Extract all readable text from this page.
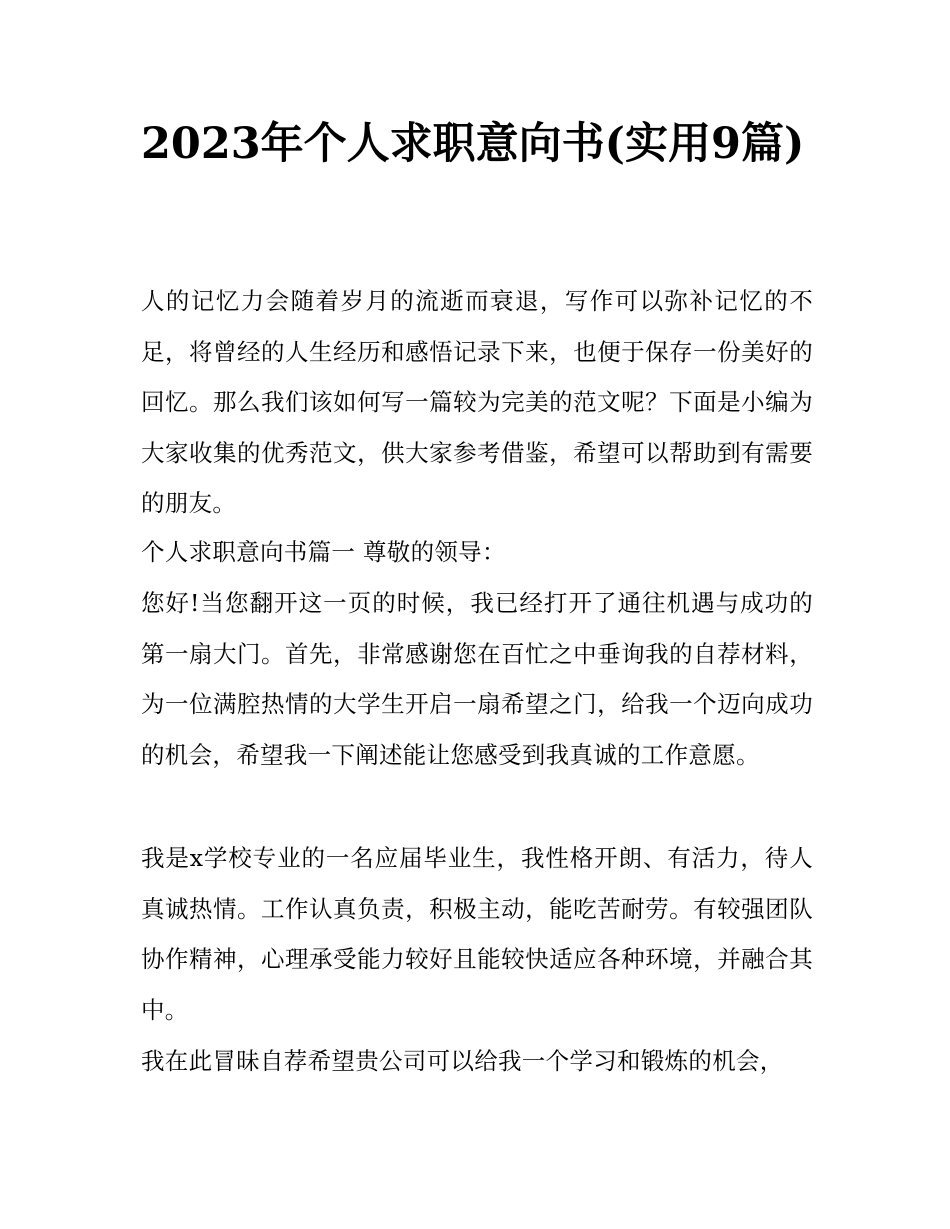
2023年个人求职意向书(实用9篇)

人的记忆力会随着岁月的流逝而衰退，写作可以弥补记忆的不足，将曾经的人生经历和感悟记录下来，也便于保存一份美好的回忆。那么我们该如何写一篇较为完美的范文呢？下面是小编为大家收集的优秀范文，供大家参考借鉴，希望可以帮助到有需要的朋友。

个人求职意向书篇一 尊敬的领导：

您好!当您翻开这一页的时候，我已经打开了通往机遇与成功的第一扇大门。首先，非常感谢您在百忙之中垂询我的自荐材料，为一位满腔热情的大学生开启一扇希望之门，给我一个迈向成功的机会，希望我一下阐述能让您感受到我真诚的工作意愿。

我是x学校专业的一名应届毕业生，我性格开朗、有活力，待人真诚热情。工作认真负责，积极主动，能吃苦耐劳。有较强团队协作精神，心理承受能力较好且能较快适应各种环境，并融合其中。

我在此冒昧自荐希望贵公司可以给我一个学习和锻炼的机会，
